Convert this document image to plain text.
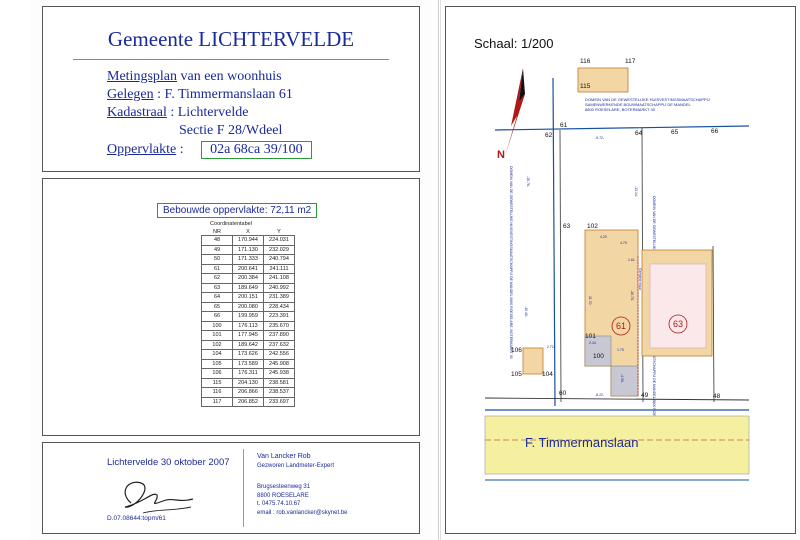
Gemeente LICHTERVELDE
Metingsplan van een woonhuis
Gelegen : F. Timmermanslaan 61
Kadastraal : Lichtervelde
Sectie F 28/Wdeel
Oppervlakte : 02a 68ca 39/100
Bebouwde oppervlakte: 72,11 m2
Coordinatentabel
NR	X	Y
48	170.944	224.031
49	171.130	232.029
50	171.333	240.794
61	200.641	241.111
62	200.384	241.108
63	189.649	240.992
64	200.151	231.389
65	200.080	228.434
66	199.959	223.391
100	176.113	235.670
101	177.945	237.890
102	189.642	237.632
104	173.626	242.556
105	173.589	245.908
106	176.311	245.938
115	204.130	238.581
116	206.866	238.537
117	206.852	233.697
Lichtervelde 30 oktober 2007
D.07.08644:topm/61
Van Lancker Rob
Gezworen Landmeter-Expert
Brugsesteenweg 31
8800 ROESELARE
t. 0475.74.10.67
email : rob.vanlancker@skynet.be
Schaal: 1/200
N
116	117
115
DOMEIN VAN DE GEWESTELIJKE HUISVESTINGSMAATSCHAPPIJ
SAMENWERKENDE BOUWMAATSCHAPPIJ DE MANDEL
8800 ROESELARE, BOTERMARKT 30
61
62	64	65	66
-9.72-
-10.76-
-13.14-
-10.40-
DOMEIN VAN DE GEWESTELIJKE HUISVESTINGSMAATSCHAPPIJ DE MANDEL 8800 ROESELARE, BOTERMARKT 30	61
102
63
101
100
4.20
4.75
1.61
11.70
2.44
1.75
-4.90-
Gemene muur
-10.78-
63
106
105	104
60	49	48
-8.22-
2.72
F. Timmermanslaan
